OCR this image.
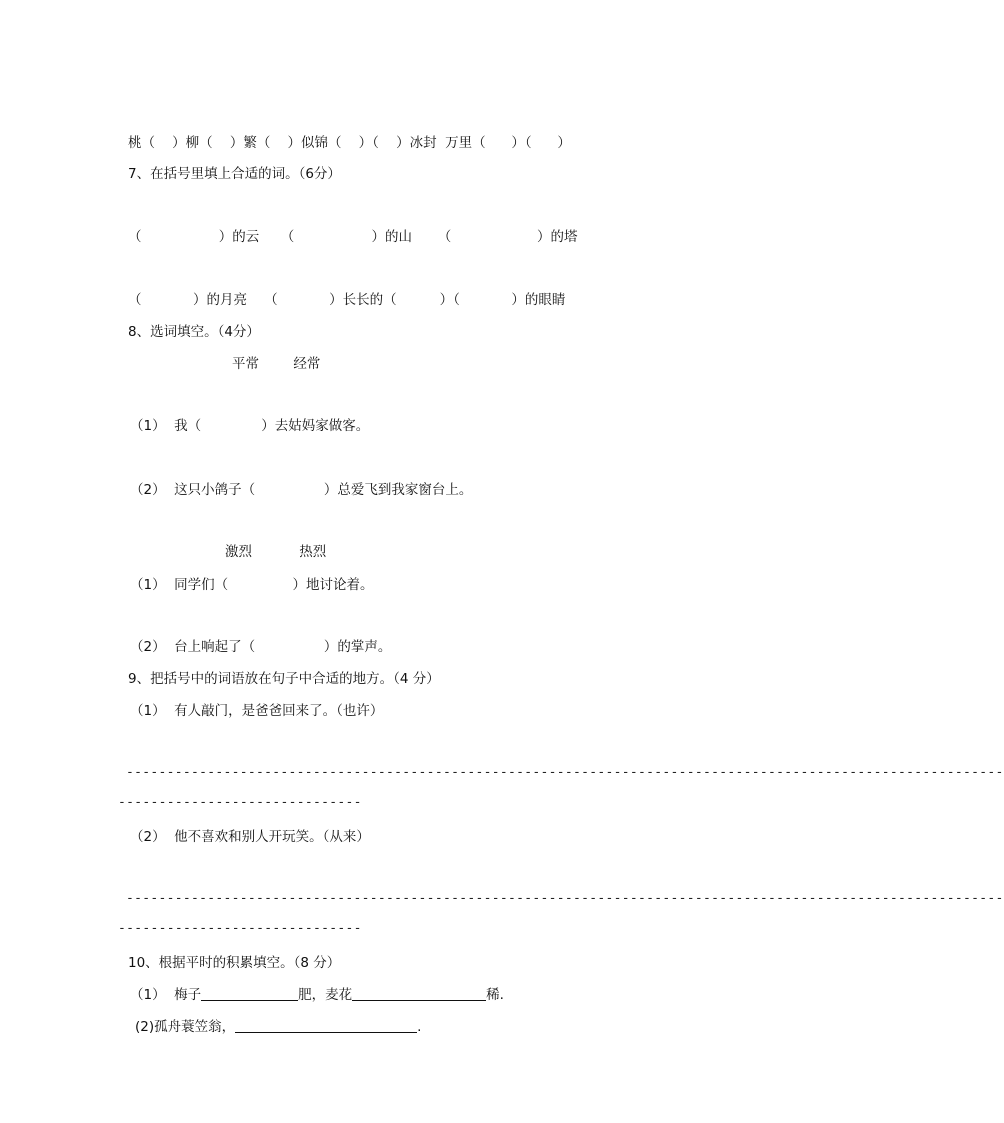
桃（    ）柳（    ）繁（    ）似锦（    ）（    ）冰封  万里（      ）（      ）
7、在括号里填上合适的词。（6分）
（                  ）的云     （                  ）的山      （                    ）的塔
（            ）的月亮    （            ）长长的（          ）（            ）的眼睛
8、选词填空。（4分）
平常        经常
（1）  我（              ）去姑妈家做客。
（2）  这只小鸽子（                ）总爱飞到我家窗台上。
激烈           热烈
（1）  同学们（               ）地讨论着。
（2）  台上响起了（                ）的掌声。
9、把括号中的词语放在句子中合适的地方。（4 分）
（1）  有人敲门，是爸爸回来了。（也许）
------------------------------------------------------------------------------------------------------------
------------------------------
（2）  他不喜欢和别人开玩笑。（从来）
------------------------------------------------------------------------------------------------------------
------------------------------
10、根据平时的积累填空。（8 分）
（1）  梅子	肥，麦花	稀.
(2)孤舟蓑笠翁，	.
